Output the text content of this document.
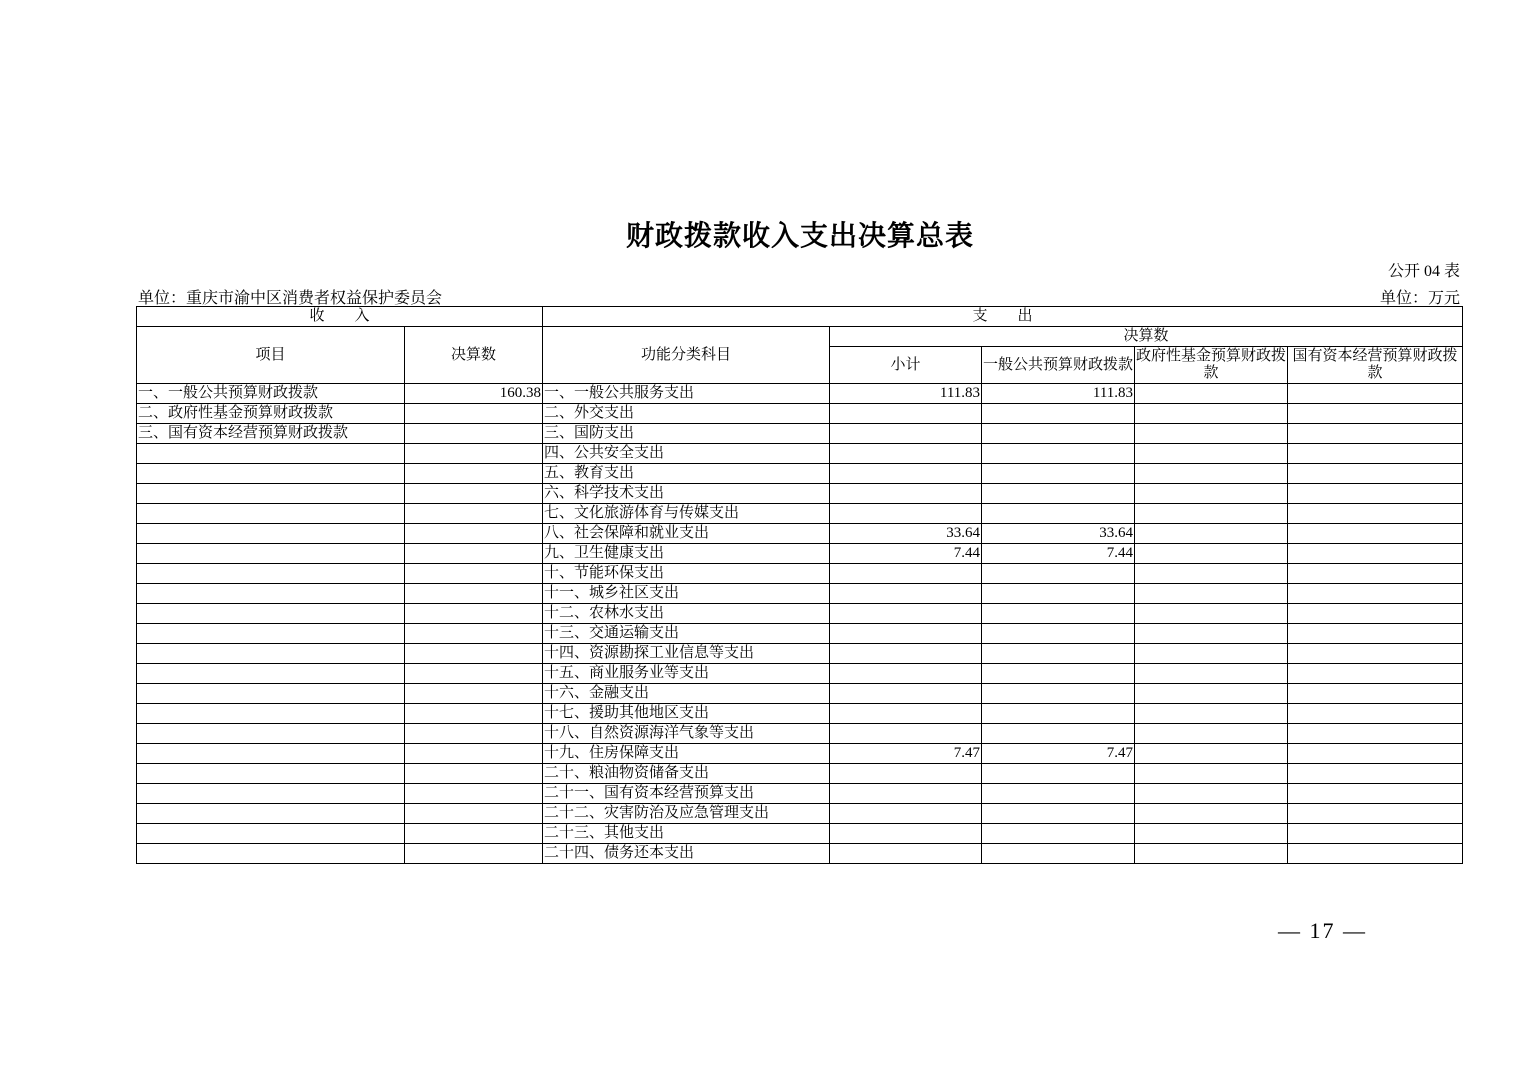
财政拨款收入支出决算总表
公开 04 表
单位：重庆市渝中区消费者权益保护委员会	单位：万元
收　　入		支　　出				
项目	决算数	功能分类科目	决算数			
			小计	一般公共预算财政拨款	政府性基金预算财政拨款	国有资本经营预算财政拨款
一、一般公共预算财政拨款	160.38	一、一般公共服务支出	111.83	111.83		
二、政府性基金预算财政拨款		二、外交支出				
三、国有资本经营预算财政拨款		三、国防支出				
		四、公共安全支出				
		五、教育支出				
		六、科学技术支出				
		七、文化旅游体育与传媒支出				
		八、社会保障和就业支出	33.64	33.64		
		九、卫生健康支出	7.44	7.44		
		十、节能环保支出				
		十一、城乡社区支出				
		十二、农林水支出				
		十三、交通运输支出				
		十四、资源勘探工业信息等支出				
		十五、商业服务业等支出				
		十六、金融支出				
		十七、援助其他地区支出				
		十八、自然资源海洋气象等支出				
		十九、住房保障支出	7.47	7.47		
		二十、粮油物资储备支出				
		二十一、国有资本经营预算支出				
		二十二、灾害防治及应急管理支出				
		二十三、其他支出				
		二十四、债务还本支出				
— 17 —
